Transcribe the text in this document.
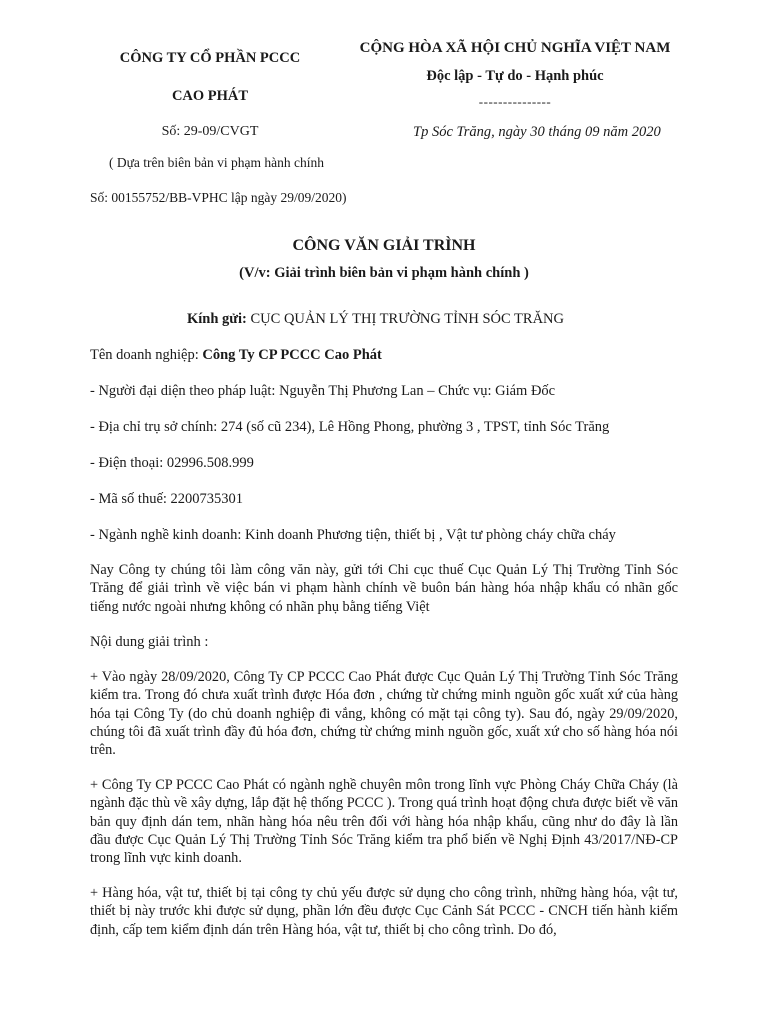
CÔNG TY CỔ PHẦN PCCC
CAO PHÁT
Số: 29-09/CVGT
( Dựa trên biên bản vi phạm hành chính
Số: 00155752/BB-VPHC lập ngày 29/09/2020)
CỘNG HÒA XÃ HỘI CHỦ NGHĨA VIỆT NAM
Độc lập - Tự do - Hạnh phúc
---------------
Tp Sóc Trăng, ngày 30 tháng 09 năm 2020
CÔNG VĂN GIẢI TRÌNH
(V/v: Giải trình biên bản vi phạm hành chính )
Kính gửi: CỤC QUẢN LÝ THỊ TRƯỜNG TỈNH SÓC TRĂNG
Tên doanh nghiệp: Công Ty CP PCCC Cao Phát
- Người đại diện theo pháp luật: Nguyễn Thị Phương Lan – Chức vụ: Giám Đốc
- Địa chỉ trụ sở chính: 274 (số cũ 234), Lê Hồng Phong, phường 3 , TPST, tỉnh Sóc Trăng
- Điện thoại: 02996.508.999
- Mã số thuế: 2200735301
- Ngành nghề kinh doanh: Kinh doanh Phương tiện, thiết bị , Vật tư phòng cháy chữa cháy
Nay Công ty chúng tôi làm công văn này, gửi tới Chi cục thuế Cục Quản Lý Thị Trường Tỉnh Sóc Trăng để giải trình về việc bán vi phạm hành chính về buôn bán hàng hóa nhập khẩu có nhãn gốc tiếng nước ngoài nhưng không có nhãn phụ bằng tiếng Việt
Nội dung giải trình :
+ Vào ngày 28/09/2020, Công Ty CP PCCC Cao Phát được Cục Quản Lý Thị Trường Tỉnh Sóc Trăng kiểm tra. Trong đó chưa xuất trình được Hóa đơn , chứng từ chứng minh nguồn gốc xuất xứ của hàng hóa tại Công Ty (do chủ doanh nghiệp đi vắng, không có mặt tại công ty). Sau đó, ngày 29/09/2020, chúng tôi đã xuất trình đầy đủ hóa đơn, chứng từ chứng minh nguồn gốc, xuất xứ cho số hàng hóa nói trên.
+ Công Ty CP PCCC Cao Phát có ngành nghề chuyên môn trong lĩnh vực Phòng Cháy Chữa Cháy (là ngành đặc thù về xây dựng, lắp đặt hệ thống PCCC ). Trong quá trình hoạt động chưa được biết về văn bản quy định dán tem, nhãn hàng hóa nêu trên đối với hàng hóa nhập khẩu, cũng như do đây là lần đầu được Cục Quản Lý Thị Trường Tỉnh Sóc Trăng kiểm tra phổ biến về Nghị Định 43/2017/NĐ-CP trong lĩnh vực kinh doanh.
+ Hàng hóa, vật tư, thiết bị tại công ty chủ yếu được sử dụng cho công trình, những hàng hóa, vật tư, thiết bị này trước khi được sử dụng, phần lớn đều được Cục Cảnh Sát PCCC - CNCH tiến hành kiểm định, cấp tem kiểm định dán trên Hàng hóa, vật tư, thiết bị cho công trình. Do đó,
